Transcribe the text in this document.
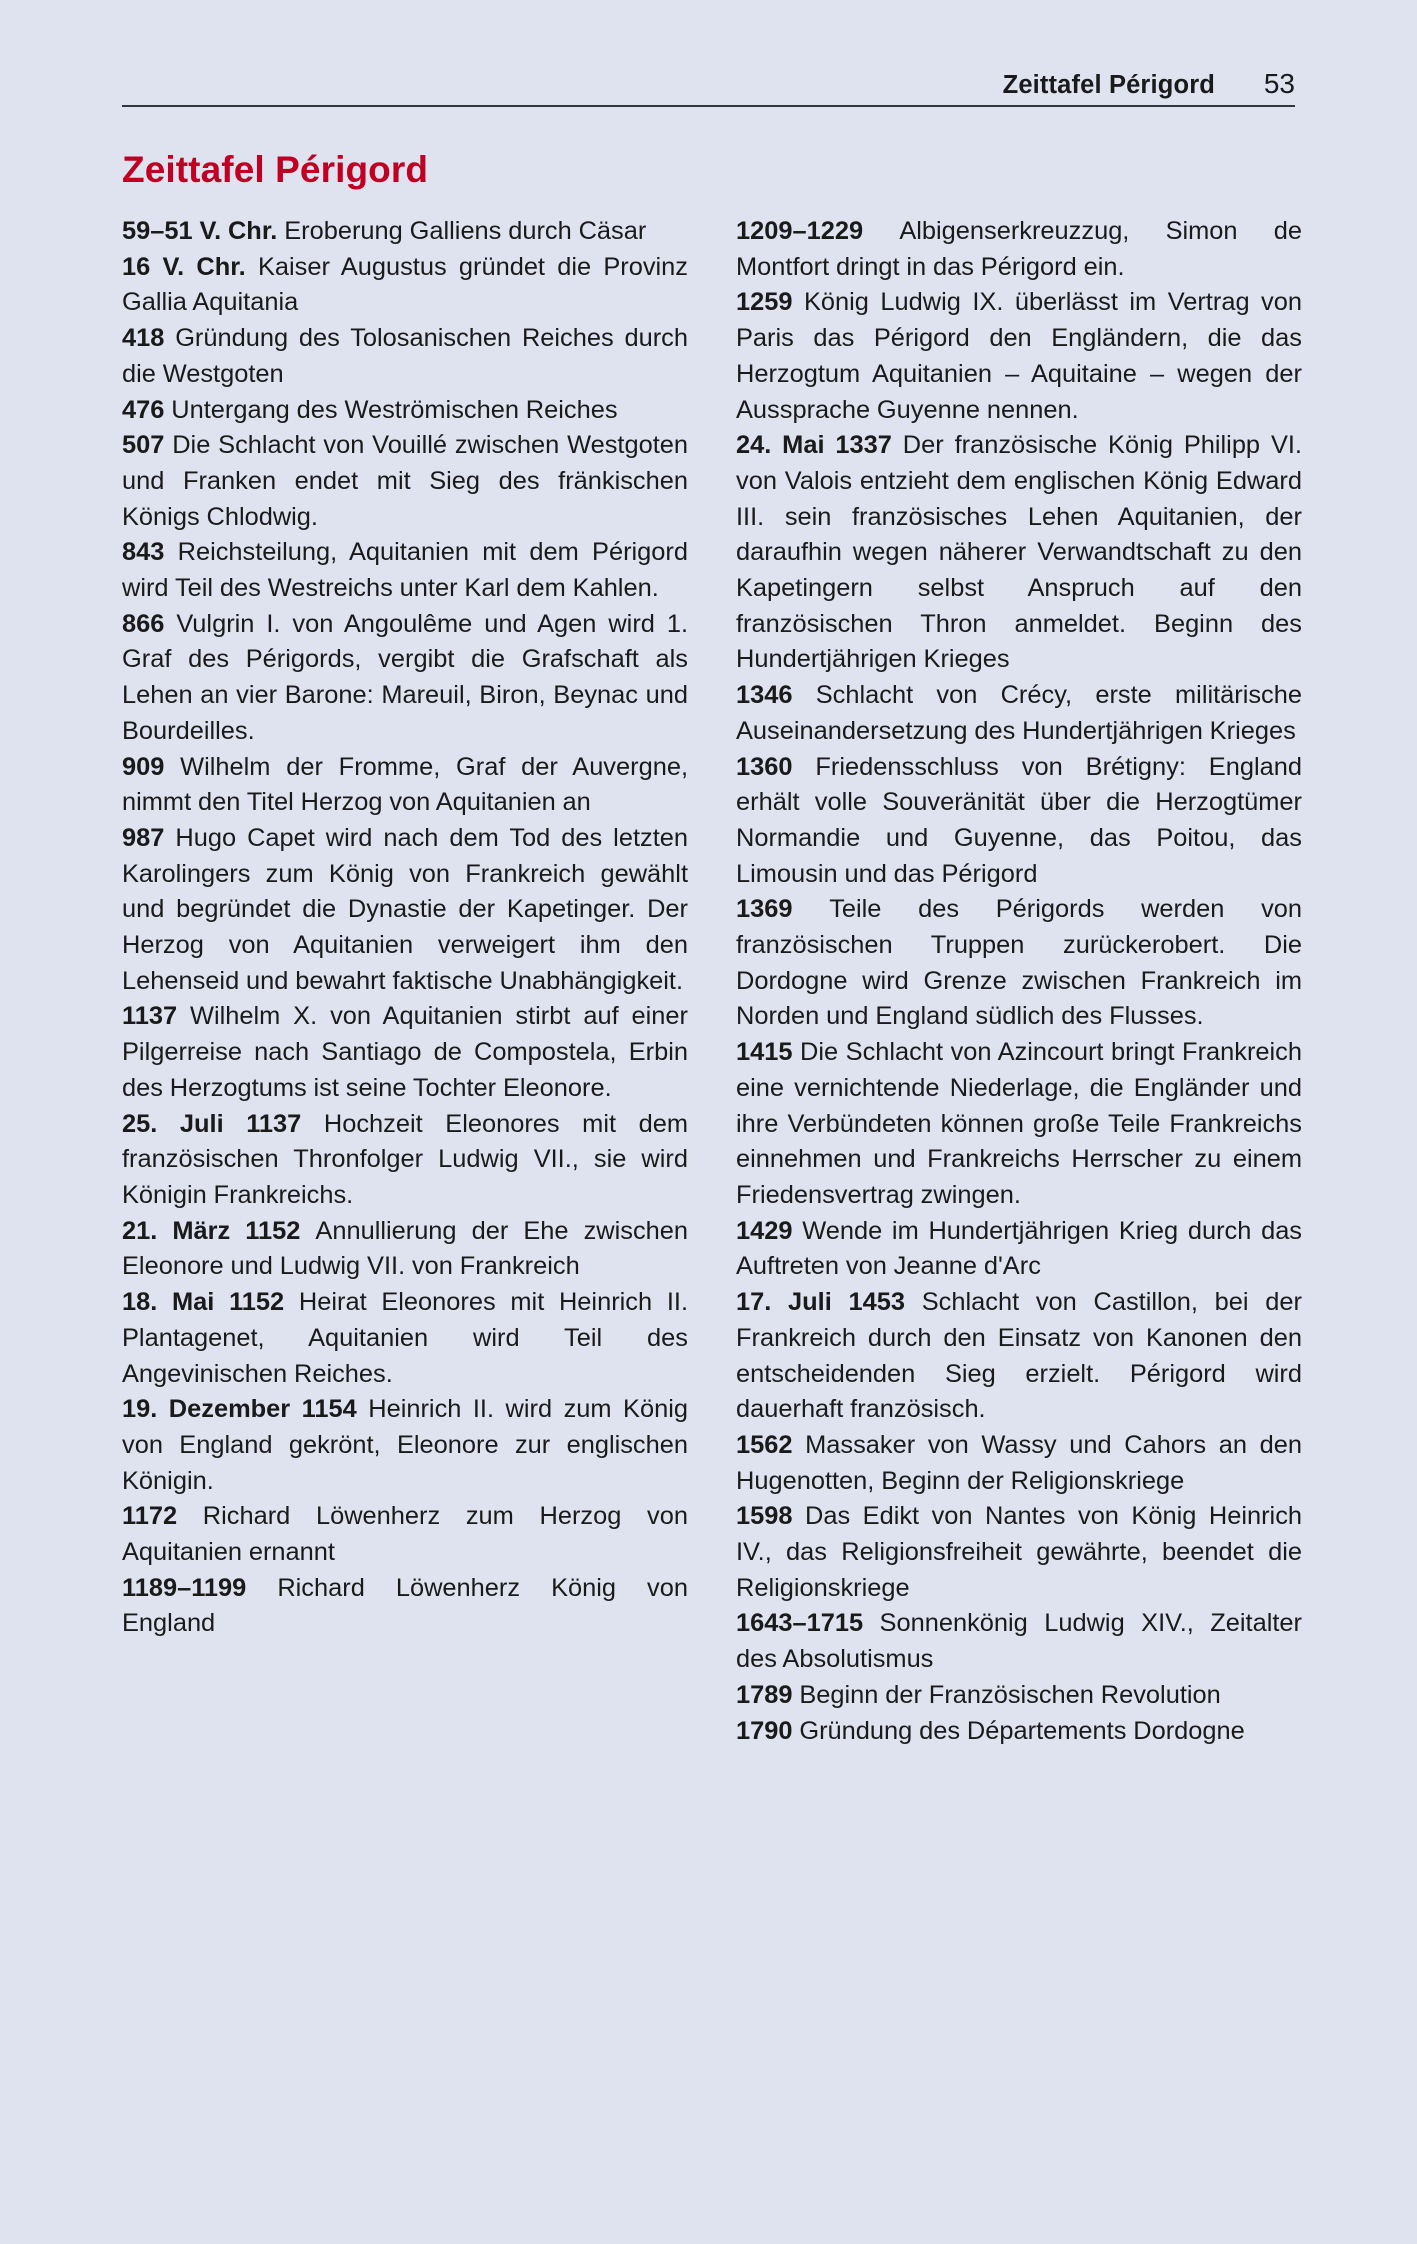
Zeittafel Périgord	53
Zeittafel Périgord

59–51 V. Chr. Eroberung Galliens durch Cäsar

16 V. Chr. Kaiser Augustus gründet die Provinz Gallia Aquitania

418 Gründung des Tolosanischen Reiches durch die Westgoten

476 Untergang des Weströmischen Reiches

507 Die Schlacht von Vouillé zwischen Westgoten und Franken endet mit Sieg des fränkischen Königs Chlodwig.

843 Reichsteilung, Aquitanien mit dem Périgord wird Teil des Westreichs unter Karl dem Kahlen.

866 Vulgrin I. von Angoulême und Agen wird 1. Graf des Périgords, vergibt die Grafschaft als Lehen an vier Barone: Mareuil, Biron, Beynac und Bourdeilles.

909 Wilhelm der Fromme, Graf der Auvergne, nimmt den Titel Herzog von Aquitanien an

987 Hugo Capet wird nach dem Tod des letzten Karolingers zum König von Frankreich gewählt und begründet die Dynastie der Kapetinger. Der Herzog von Aquitanien verweigert ihm den Lehenseid und bewahrt faktische Unabhängigkeit.

1137 Wilhelm X. von Aquitanien stirbt auf einer Pilgerreise nach Santiago de Compostela, Erbin des Herzogtums ist seine Tochter Eleonore.

25. Juli 1137 Hochzeit Eleonores mit dem französischen Thronfolger Ludwig VII., sie wird Königin Frankreichs.

21. März 1152 Annullierung der Ehe zwischen Eleonore und Ludwig VII. von Frankreich

18. Mai 1152 Heirat Eleonores mit Heinrich II. Plantagenet, Aquitanien wird Teil des Angevinischen Reiches.

19. Dezember 1154 Heinrich II. wird zum König von England gekrönt, Eleonore zur englischen Königin.

1172 Richard Löwenherz zum Herzog von Aquitanien ernannt

1189–1199 Richard Löwenherz König von England

1209–1229 Albigenserkreuzzug, Simon de Montfort dringt in das Périgord ein.

1259 König Ludwig IX. überlässt im Vertrag von Paris das Périgord den Engländern, die das Herzogtum Aquitanien – Aquitaine – wegen der Aussprache Guyenne nennen.

24. Mai 1337 Der französische König Philipp VI. von Valois entzieht dem englischen König Edward III. sein französisches Lehen Aquitanien, der daraufhin wegen näherer Verwandtschaft zu den Kapetingern selbst Anspruch auf den französischen Thron anmeldet. Beginn des Hundertjährigen Krieges

1346 Schlacht von Crécy, erste militärische Auseinandersetzung des Hundertjährigen Krieges

1360 Friedensschluss von Brétigny: England erhält volle Souveränität über die Herzogtümer Normandie und Guyenne, das Poitou, das Limousin und das Périgord

1369 Teile des Périgords werden von französischen Truppen zurückerobert. Die Dordogne wird Grenze zwischen Frankreich im Norden und England südlich des Flusses.

1415 Die Schlacht von Azincourt bringt Frankreich eine vernichtende Niederlage, die Engländer und ihre Verbündeten können große Teile Frankreichs einnehmen und Frankreichs Herrscher zu einem Friedensvertrag zwingen.

1429 Wende im Hundertjährigen Krieg durch das Auftreten von Jeanne d'Arc

17. Juli 1453 Schlacht von Castillon, bei der Frankreich durch den Einsatz von Kanonen den entscheidenden Sieg erzielt. Périgord wird dauerhaft französisch.

1562 Massaker von Wassy und Cahors an den Hugenotten, Beginn der Religionskriege

1598 Das Edikt von Nantes von König Heinrich IV., das Religionsfreiheit gewährte, beendet die Religionskriege

1643–1715 Sonnenkönig Ludwig XIV., Zeitalter des Absolutismus

1789 Beginn der Französischen Revolution

1790 Gründung des Départements Dordogne
